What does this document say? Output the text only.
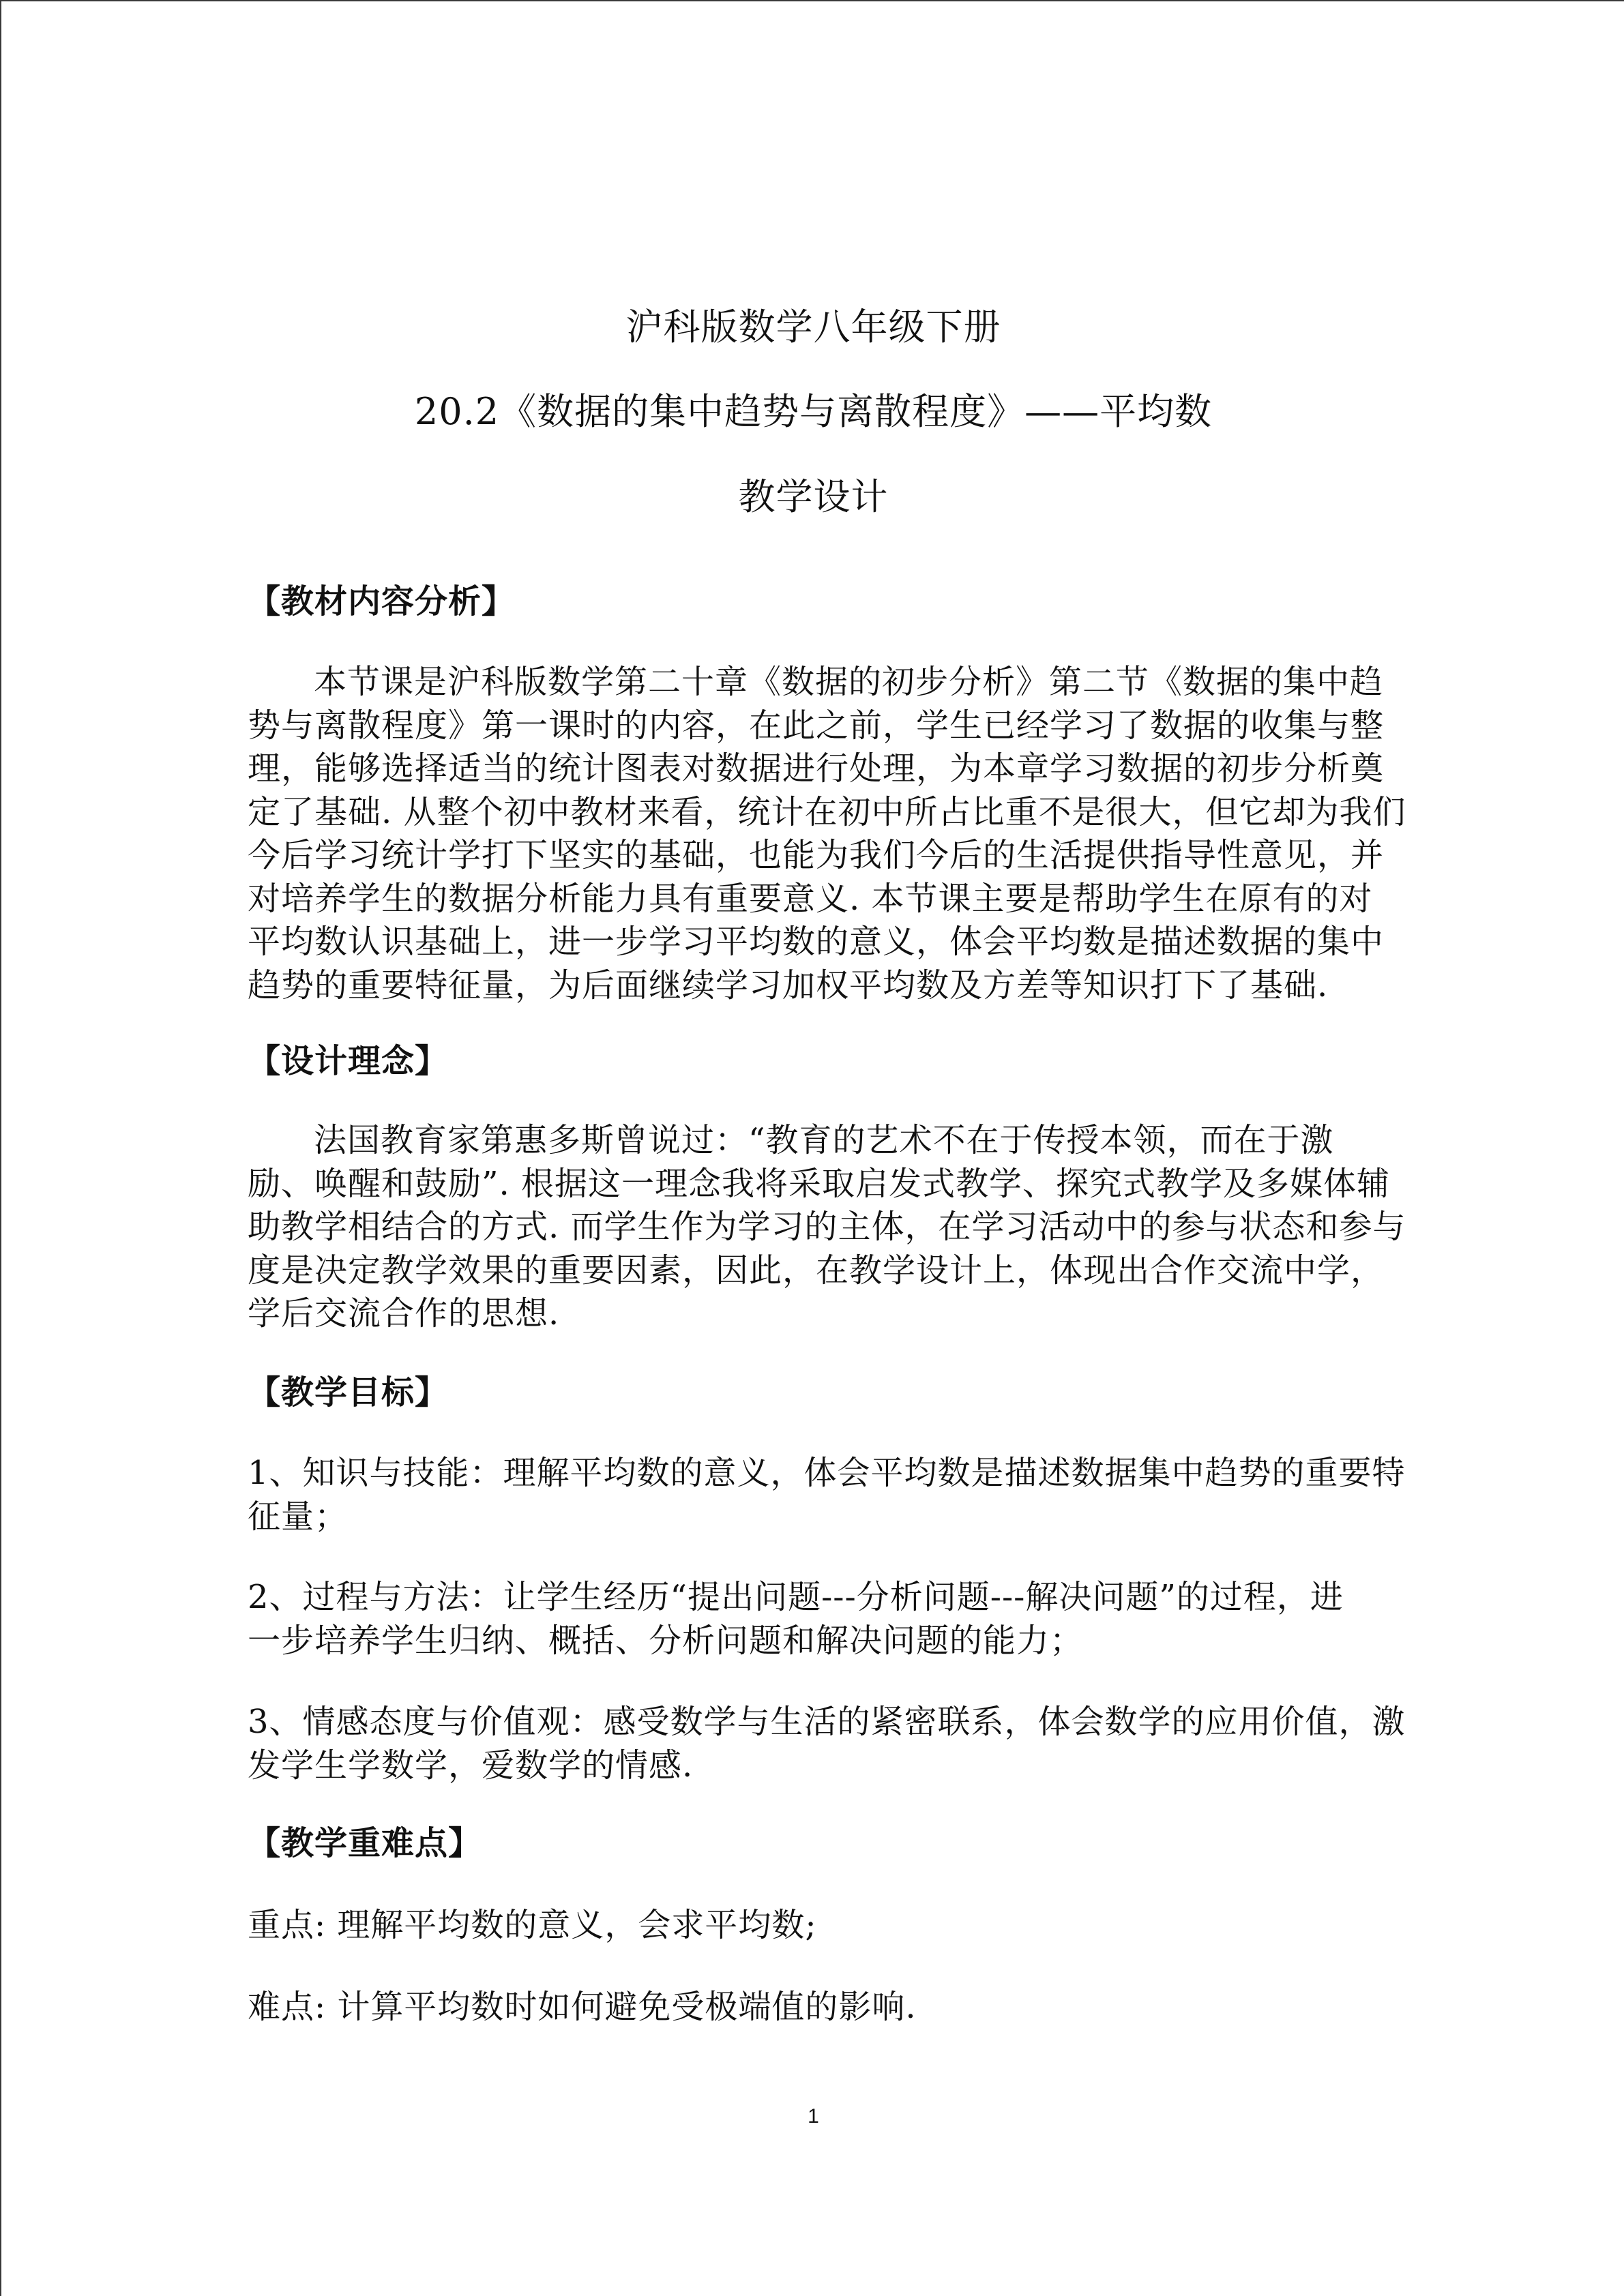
沪科版数学八年级下册
20.2《数据的集中趋势与离散程度》——平均数
教学设计
【教材内容分析】
本节课是沪科版数学第二十章《数据的初步分析》第二节《数据的集中趋
势与离散程度》第一课时的内容，在此之前，学生已经学习了数据的收集与整
理，能够选择适当的统计图表对数据进行处理，为本章学习数据的初步分析奠
定了基础. 从整个初中教材来看，统计在初中所占比重不是很大，但它却为我们
今后学习统计学打下坚实的基础，也能为我们今后的生活提供指导性意见，并
对培养学生的数据分析能力具有重要意义. 本节课主要是帮助学生在原有的对
平均数认识基础上，进一步学习平均数的意义，体会平均数是描述数据的集中
趋势的重要特征量，为后面继续学习加权平均数及方差等知识打下了基础.
【设计理念】
法国教育家第惠多斯曾说过：“教育的艺术不在于传授本领，而在于激
励、唤醒和鼓励”. 根据这一理念我将采取启发式教学、探究式教学及多媒体辅
助教学相结合的方式. 而学生作为学习的主体，在学习活动中的参与状态和参与
度是决定教学效果的重要因素，因此，在教学设计上，体现出合作交流中学，
学后交流合作的思想.
【教学目标】
1、知识与技能：理解平均数的意义，体会平均数是描述数据集中趋势的重要特
征量；
2、过程与方法：让学生经历“提出问题---分析问题---解决问题”的过程，进
一步培养学生归纳、概括、分析问题和解决问题的能力；
3、情感态度与价值观：感受数学与生活的紧密联系，体会数学的应用价值，激
发学生学数学，爱数学的情感.
【教学重难点】
重点: 理解平均数的意义，会求平均数;
难点: 计算平均数时如何避免受极端值的影响.
1
